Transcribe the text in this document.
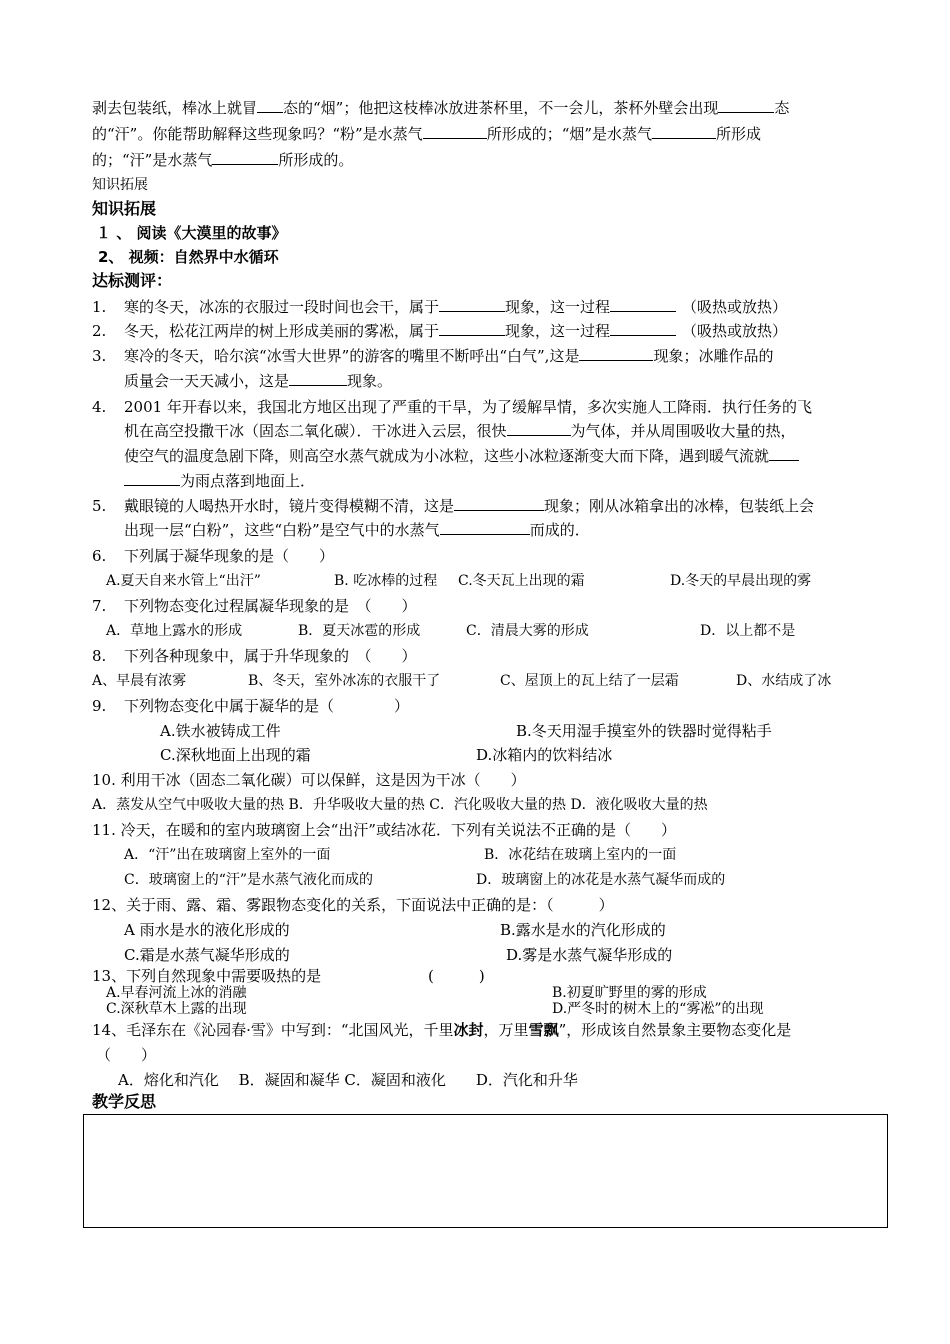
剥去包装纸，棒冰上就冒 态的“烟”；他把这枝棒冰放进茶杯里，不一会儿，茶杯外壁会出现	态
的“汗”。你能帮助解释这些现象吗？“粉”是水蒸气	所形成的；“烟”是水蒸气	所形成
的；“汗”是水蒸气	所形成的。
知识拓展
知识拓展
１ 、 阅读《大漠里的故事》
2、 视频：自然界中水循环
达标测评：
1. 寒的冬天，冰冻的衣服过一段时间也会干，属于	现象，这一过程	（吸热或放热）
2. 冬天，松花江两岸的树上形成美丽的雾凇，属于	现象，这一过程	（吸热或放热）
3. 寒冷的冬天，哈尔滨“冰雪大世界”的游客的嘴里不断呼出“白气”,这是	现象；冰雕作品的
质量会一天天减小，这是	现象。
4. 2001 年开春以来，我国北方地区出现了严重的干旱，为了缓解旱情，多次实施人工降雨．执行任务的飞
机在高空投撒干冰（固态二氧化碳）．干冰进入云层，很快	为气体，并从周围吸收大量的热，
使空气的温度急剧下降，则高空水蒸气就成为小冰粒，这些小冰粒逐渐变大而下降，遇到暖气流就
为雨点落到地面上．
5. 戴眼镜的人喝热开水时，镜片变得模糊不清，这是	现象；刚从冰箱拿出的冰棒，包装纸上会
出现一层“白粉”，这些“白粉”是空气中的水蒸气	而成的．
6. 下列属于凝华现象的是（　　）
A.夏天自来水管上“出汗”	B. 吃冰棒的过程 C.冬天瓦上出现的霜	D.冬天的早晨出现的雾
7. 下列物态变化过程属凝华现象的是　（　　）
A．草地上露水的形成	B．夏天冰雹的形成	C．清晨大雾的形成	D．以上都不是
8. 下列各种现象中，属于升华现象的　（　　）
A、早晨有浓雾	B、冬天，室外冰冻的衣服干了	C、屋顶上的瓦上结了一层霜	D、水结成了冰
9. 下列物态变化中属于凝华的是（　　　　）
A.铁水被铸成工件	B.冬天用湿手摸室外的铁器时觉得粘手
C.深秋地面上出现的霜	D.冰箱内的饮料结冰
10. 利用干冰（固态二氧化碳）可以保鲜，这是因为干冰（　　）
A．蒸发从空气中吸收大量的热 B．升华吸收大量的热 C．汽化吸收大量的热 D．液化吸收大量的热
11. 冷天，在暖和的室内玻璃窗上会“出汗”或结冰花．下列有关说法不正确的是（　　）
A．“汗”出在玻璃窗上室外的一面	B．冰花结在玻璃上室内的一面
C．玻璃窗上的“汗”是水蒸气液化而成的	D．玻璃窗上的冰花是水蒸气凝华而成的
12、关于雨、露、霜、雾跟物态变化的关系，下面说法中正确的是：（　　　）
A 雨水是水的液化形成的	B.露水是水的汽化形成的
C.霜是水蒸气凝华形成的	D.雾是水蒸气凝华形成的
13、下列自然现象中需要吸热的是	(　　　)
A.早春河流上冰的消融	B.初夏旷野里的雾的形成
C.深秋草木上露的出现	D.严冬时的树木上的“雾凇”的出现
14、毛泽东在《沁园春·雪》中写到：“北国风光，千里冰封，万里雪飘”，形成该自然景象主要物态变化是
（　　）
A．熔化和汽化　 B．凝固和凝华 C．凝固和液化　　D．汽化和升华
教学反思
